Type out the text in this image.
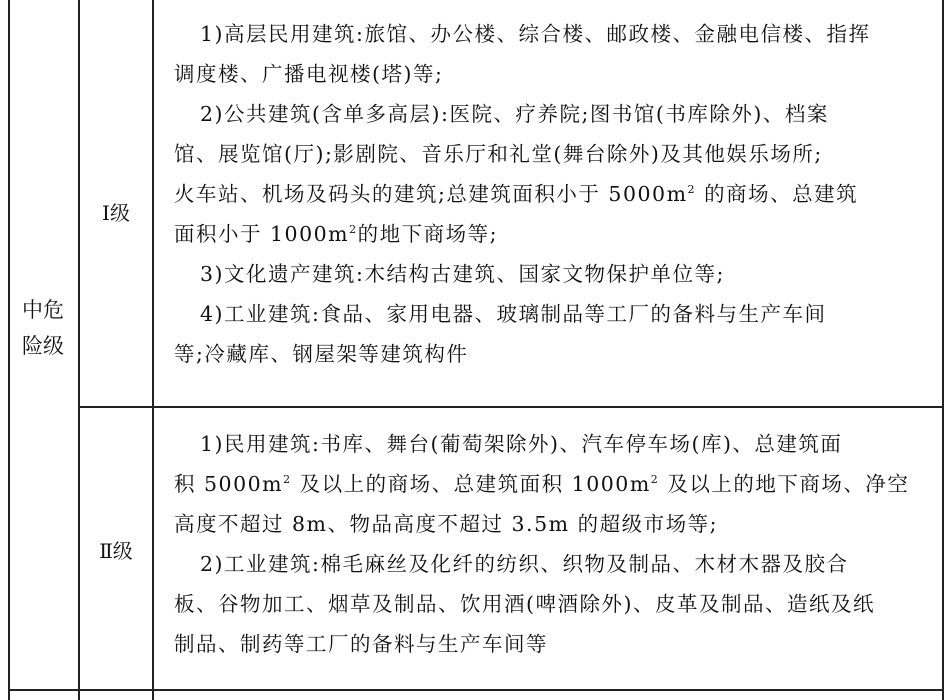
中危
险级
Ⅰ级

1)高层民用建筑:旅馆、办公楼、综合楼、邮政楼、金融电信楼、指挥

调度楼、广播电视楼(塔)等;

2)公共建筑(含单多高层):医院、疗养院;图书馆(书库除外)、档案

馆、展览馆(厅);影剧院、音乐厅和礼堂(舞台除外)及其他娱乐场所;

火车站、机场及码头的建筑;总建筑面积小于 $5000m^2$ 的商场、总建筑

面积小于 $1000m^2$的地下商场等;

3)文化遗产建筑:木结构古建筑、国家文物保护单位等;

4)工业建筑:食品、家用电器、玻璃制品等工厂的备料与生产车间

等;冷藏库、钢屋架等建筑构件

Ⅱ级

1)民用建筑:书库、舞台(葡萄架除外)、汽车停车场(库)、总建筑面

积 $5000m^2$ 及以上的商场、总建筑面积 $1000m^2$ 及以上的地下商场、净空

高度不超过 8m、物品高度不超过 3.5m 的超级市场等;

2)工业建筑:棉毛麻丝及化纤的纺织、织物及制品、木材木器及胶合

板、谷物加工、烟草及制品、饮用酒(啤酒除外)、皮革及制品、造纸及纸

制品、制药等工厂的备料与生产车间等
